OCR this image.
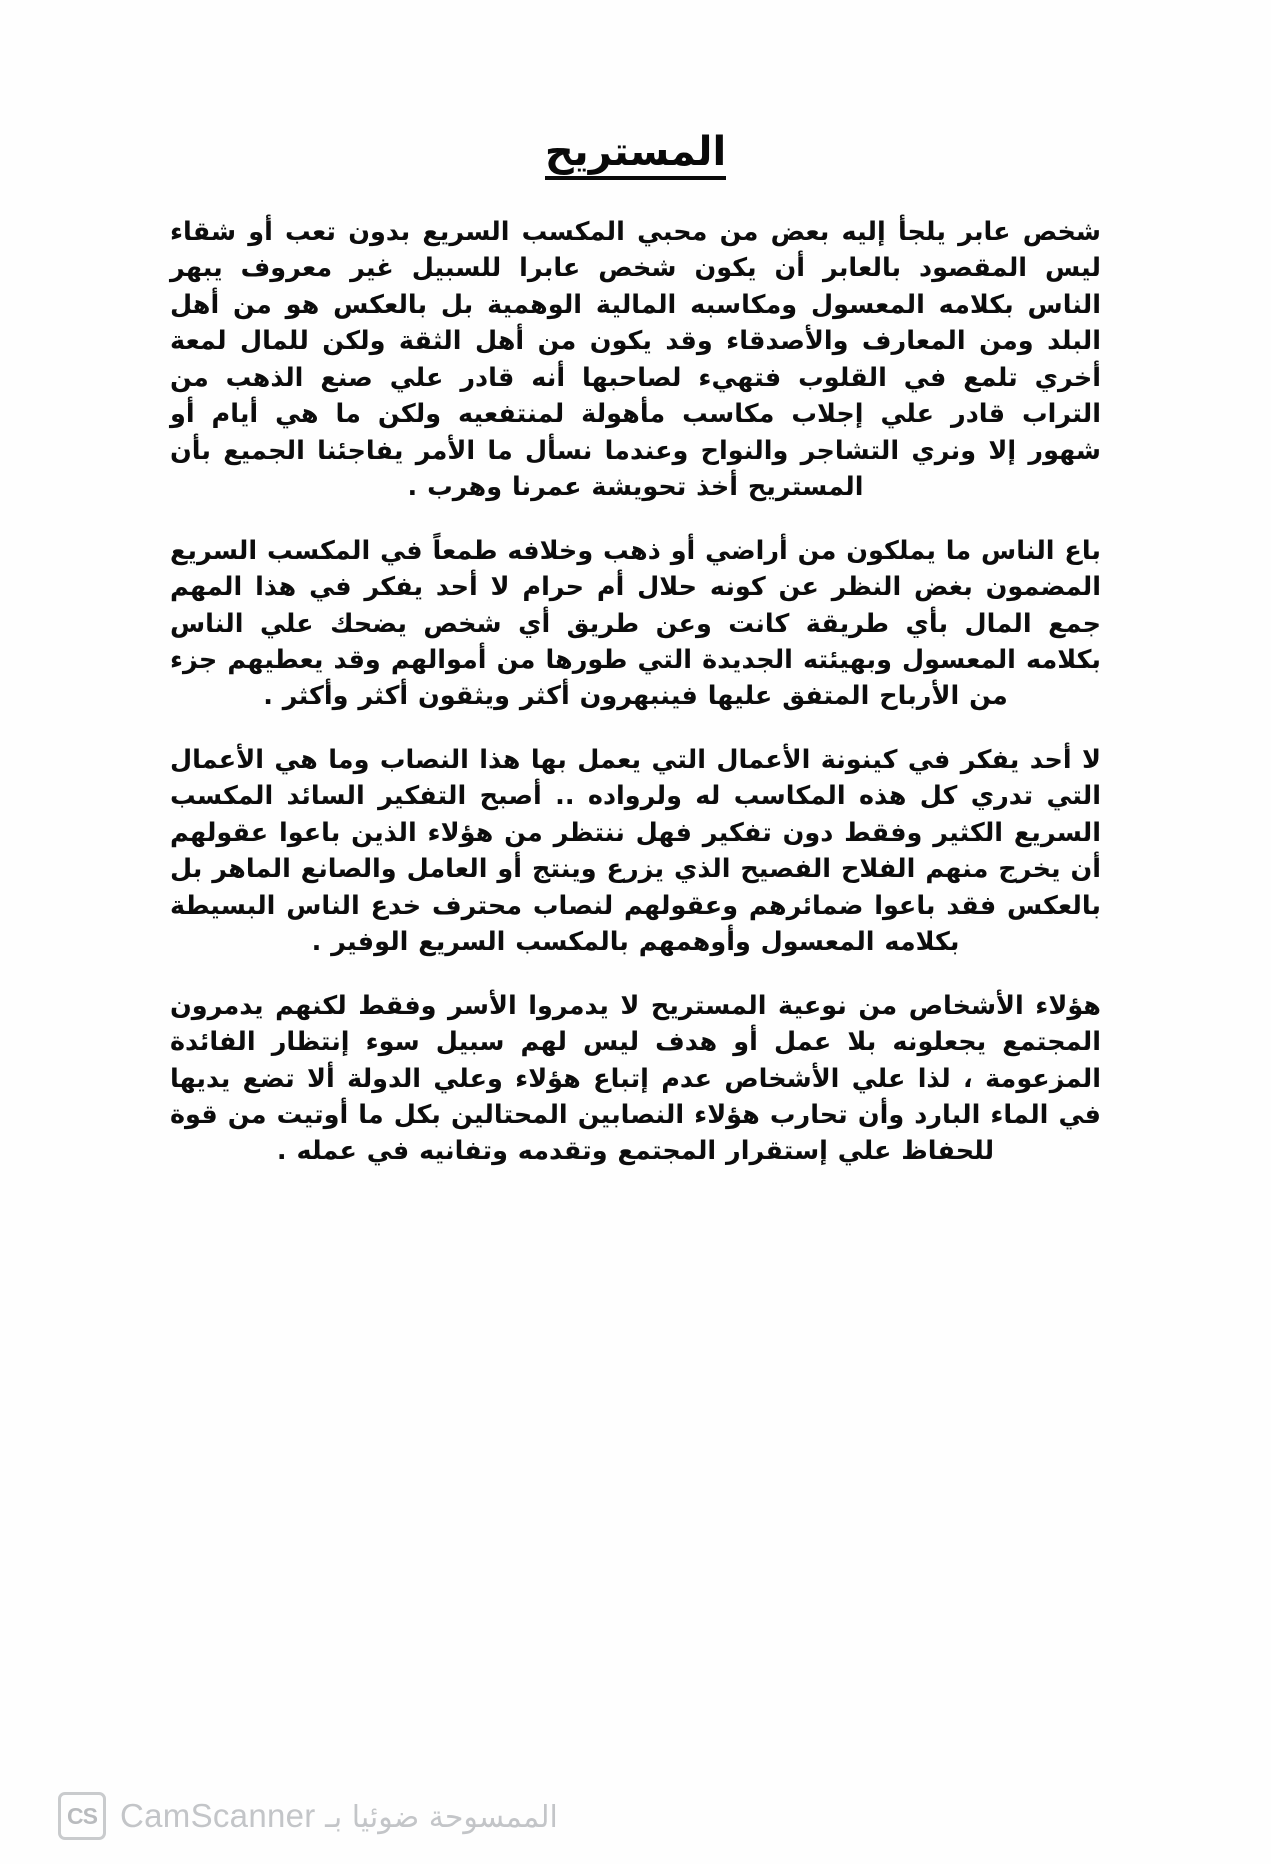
المستريح

شخص عابر يلجأ إليه بعض من محبي المكسب السريع بدون تعب أو شقاء ليس المقصود بالعابر أن يكون شخص عابرا للسبيل غير معروف يبهر الناس بكلامه المعسول ومكاسبه المالية الوهمية بل بالعكس هو من أهل البلد ومن المعارف والأصدقاء وقد يكون من أهل الثقة ولكن للمال لمعة أخري تلمع في القلوب فتهيء لصاحبها أنه قادر علي صنع الذهب من التراب قادر علي إجلاب مكاسب مأهولة لمنتفعيه ولكن ما هي أيام أو شهور إلا ونري التشاجر والنواح وعندما نسأل ما الأمر يفاجئنا الجميع بأن المستريح أخذ تحويشة عمرنا وهرب .

باع الناس ما يملكون من أراضي أو ذهب وخلافه طمعاً في المكسب السريع المضمون بغض النظر عن كونه حلال أم حرام لا أحد يفكر في هذا المهم جمع المال بأي طريقة كانت وعن طريق أي شخص يضحك علي الناس بكلامه المعسول وبهيئته الجديدة التي طورها من أموالهم وقد يعطيهم جزء من الأرباح المتفق عليها فينبهرون أكثر ويثقون أكثر وأكثر .

لا أحد يفكر في كينونة الأعمال التي يعمل بها هذا النصاب وما هي الأعمال التي تدري كل هذه المكاسب له ولرواده .. أصبح التفكير السائد المكسب السريع الكثير وفقط دون تفكير فهل ننتظر من هؤلاء الذين باعوا عقولهم أن يخرج منهم الفلاح الفصيح الذي يزرع وينتج أو العامل والصانع الماهر بل بالعكس فقد باعوا ضمائرهم وعقولهم لنصاب محترف خدع الناس البسيطة بكلامه المعسول وأوهمهم بالمكسب السريع الوفير .

هؤلاء الأشخاص من نوعية المستريح لا يدمروا الأسر وفقط لكنهم يدمرون المجتمع يجعلونه بلا عمل أو هدف ليس لهم سبيل سوء إنتظار الفائدة المزعومة ، لذا علي الأشخاص عدم إتباع هؤلاء وعلي الدولة ألا تضع يديها في الماء البارد وأن تحارب هؤلاء النصابين المحتالين بكل ما أوتيت من قوة للحفاظ علي إستقرار المجتمع وتقدمه وتفانيه في عمله .

CS CamScanner الممسوحة ضوئيا بـ
